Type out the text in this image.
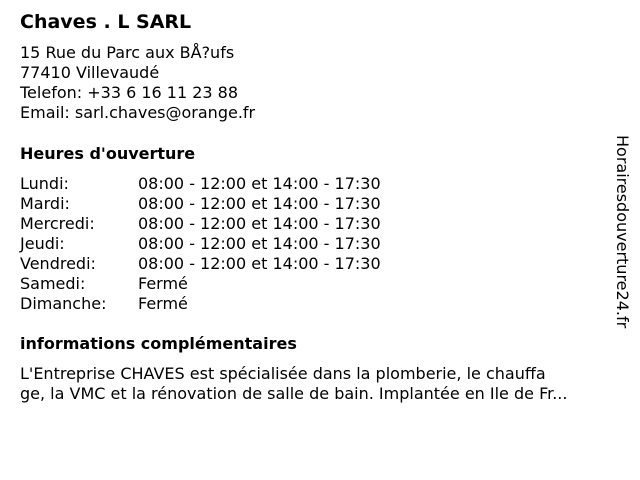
Chaves . L SARL
15 Rue du Parc aux BÅ?ufs
77410 Villevaudé
Telefon: +33 6 16 11 23 88
Email: sarl.chaves@orange.fr
Heures d'ouverture
Lundi:	08:00 - 12:00 et 14:00 - 17:30
Mardi:	08:00 - 12:00 et 14:00 - 17:30
Mercredi:	08:00 - 12:00 et 14:00 - 17:30
Jeudi:	08:00 - 12:00 et 14:00 - 17:30
Vendredi:	08:00 - 12:00 et 14:00 - 17:30
Samedi:	Fermé
Dimanche:	Fermé
informations complémentaires
L'Entreprise CHAVES est spécialisée dans la plomberie, le chauffa
ge, la VMC et la rénovation de salle de bain. Implantée en Ile de Fr...
Horairesdouverture24.fr
